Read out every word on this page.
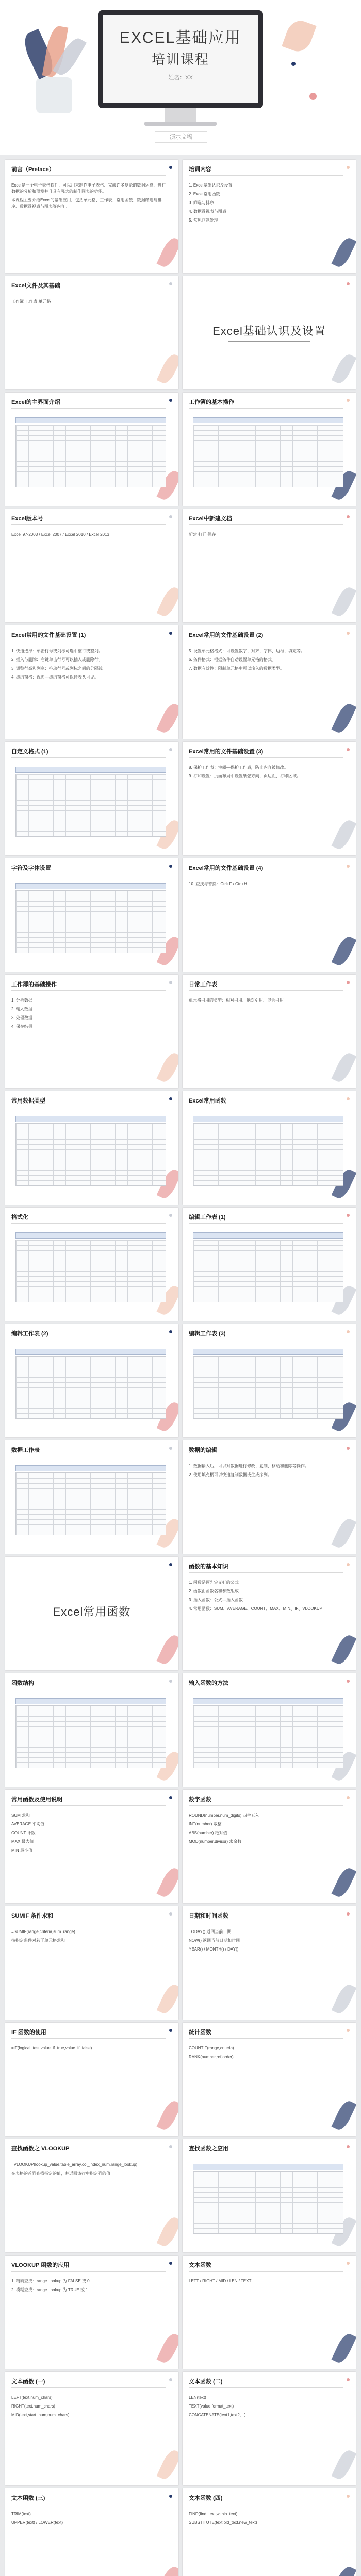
EXCEL基础应用
培训课程
姓名：XX
演示文稿
前言（Preface）

Excel是一个电子表格软件，可以用来制作电子表格、完成许多复杂的数据运算，进行数据的分析和预测并且具有强大的制作图表的功能。

本课程主要介绍Excel的基础应用，包括单元格、工作表、常用函数、数据筛选与排序、数据透视表与图表等内容。

培训内容

1. Excel基础认识及设置

2. Excel常用函数

3. 筛选与排序

4. 数据透视表与图表

5. 常见问题处理

Excel文件及其基础

工作簿 工作表 单元格

Excel基础认识及设置
Excel的主界面介绍	工作簿的基本操作
Excel版本号

Excel 97-2003 / Excel 2007 / Excel 2010 / Excel 2013

Excel中新建文档

新建 打开 保存

Excel常用的文件基础设置 (1)

1. 快速选择：单击行号或列标可选中整行或整列。

2. 插入与删除：右键单击行号可以插入或删除行。

3. 调整行高和列宽：拖动行号或列标之间的分隔线。

4. 冻结窗格：视图—冻结窗格可保持表头可见。

Excel常用的文件基础设置 (2)

5. 设置单元格格式：可设置数字、对齐、字体、边框、填充等。

6. 条件格式：根据条件自动设置单元格的格式。

7. 数据有效性：限制单元格中可以输入的数据类型。

自定义格式 (1)	Excel常用的文件基础设置 (3)

8. 保护工作表：审阅—保护工作表，防止内容被修改。

9. 打印设置：页面布局中设置纸张方向、页边距、打印区域。

字符及字体设置	Excel常用的文件基础设置 (4)

10. 查找与替换：Ctrl+F / Ctrl+H

工作簿的基础操作

1. 分析数据

2. 输入数据

3. 处理数据

4. 保存结果

日常工作表

单元格引用的类型：相对引用、绝对引用、混合引用。

常用数据类型	Excel常用函数
格式化	编辑工作表 (1)
编辑工作表 (2)	编辑工作表 (3)
数据工作表	数据的编辑

1. 数据输入后，可以对数据进行修改、复制、移动和删除等操作。

2. 使用填充柄可以快速复制数据或生成序列。

Excel常用函数
函数的基本知识

1. 函数是预先定义好的公式

2. 函数由函数名和参数组成

3. 插入函数：公式—插入函数

4. 常用函数：SUM、AVERAGE、COUNT、MAX、MIN、IF、VLOOKUP

函数结构	输入函数的方法
常用函数及使用说明

SUM 求和

AVERAGE 平均值

COUNT 计数

MAX 最大值

MIN 最小值

数字函数

ROUND(number,num_digits) 四舍五入

INT(number) 取整

ABS(number) 绝对值

MOD(number,divisor) 求余数

SUMIF 条件求和

=SUMIF(range,criteria,sum_range)

按指定条件对若干单元格求和

日期和时间函数

TODAY() 返回当前日期

NOW() 返回当前日期和时间

YEAR() / MONTH() / DAY()

IF 函数的使用

=IF(logical_test,value_if_true,value_if_false)

统计函数

COUNTIF(range,criteria)

RANK(number,ref,order)

查找函数之 VLOOKUP

=VLOOKUP(lookup_value,table_array,col_index_num,range_lookup)

在表格的首列查找指定的值，并返回该行中指定列的值

查找函数之应用
VLOOKUP 函数的应用

1. 精确查找：range_lookup 为 FALSE 或 0

2. 模糊查找：range_lookup 为 TRUE 或 1

文本函数

LEFT / RIGHT / MID / LEN / TEXT

文本函数 (一)

LEFT(text,num_chars)

RIGHT(text,num_chars)

MID(text,start_num,num_chars)

文本函数 (二)

LEN(text)

TEXT(value,format_text)

CONCATENATE(text1,text2,...)

文本函数 (三)

TRIM(text)

UPPER(text) / LOWER(text)

文本函数 (四)

FIND(find_text,within_text)

SUBSTITUTE(text,old_text,new_text)
